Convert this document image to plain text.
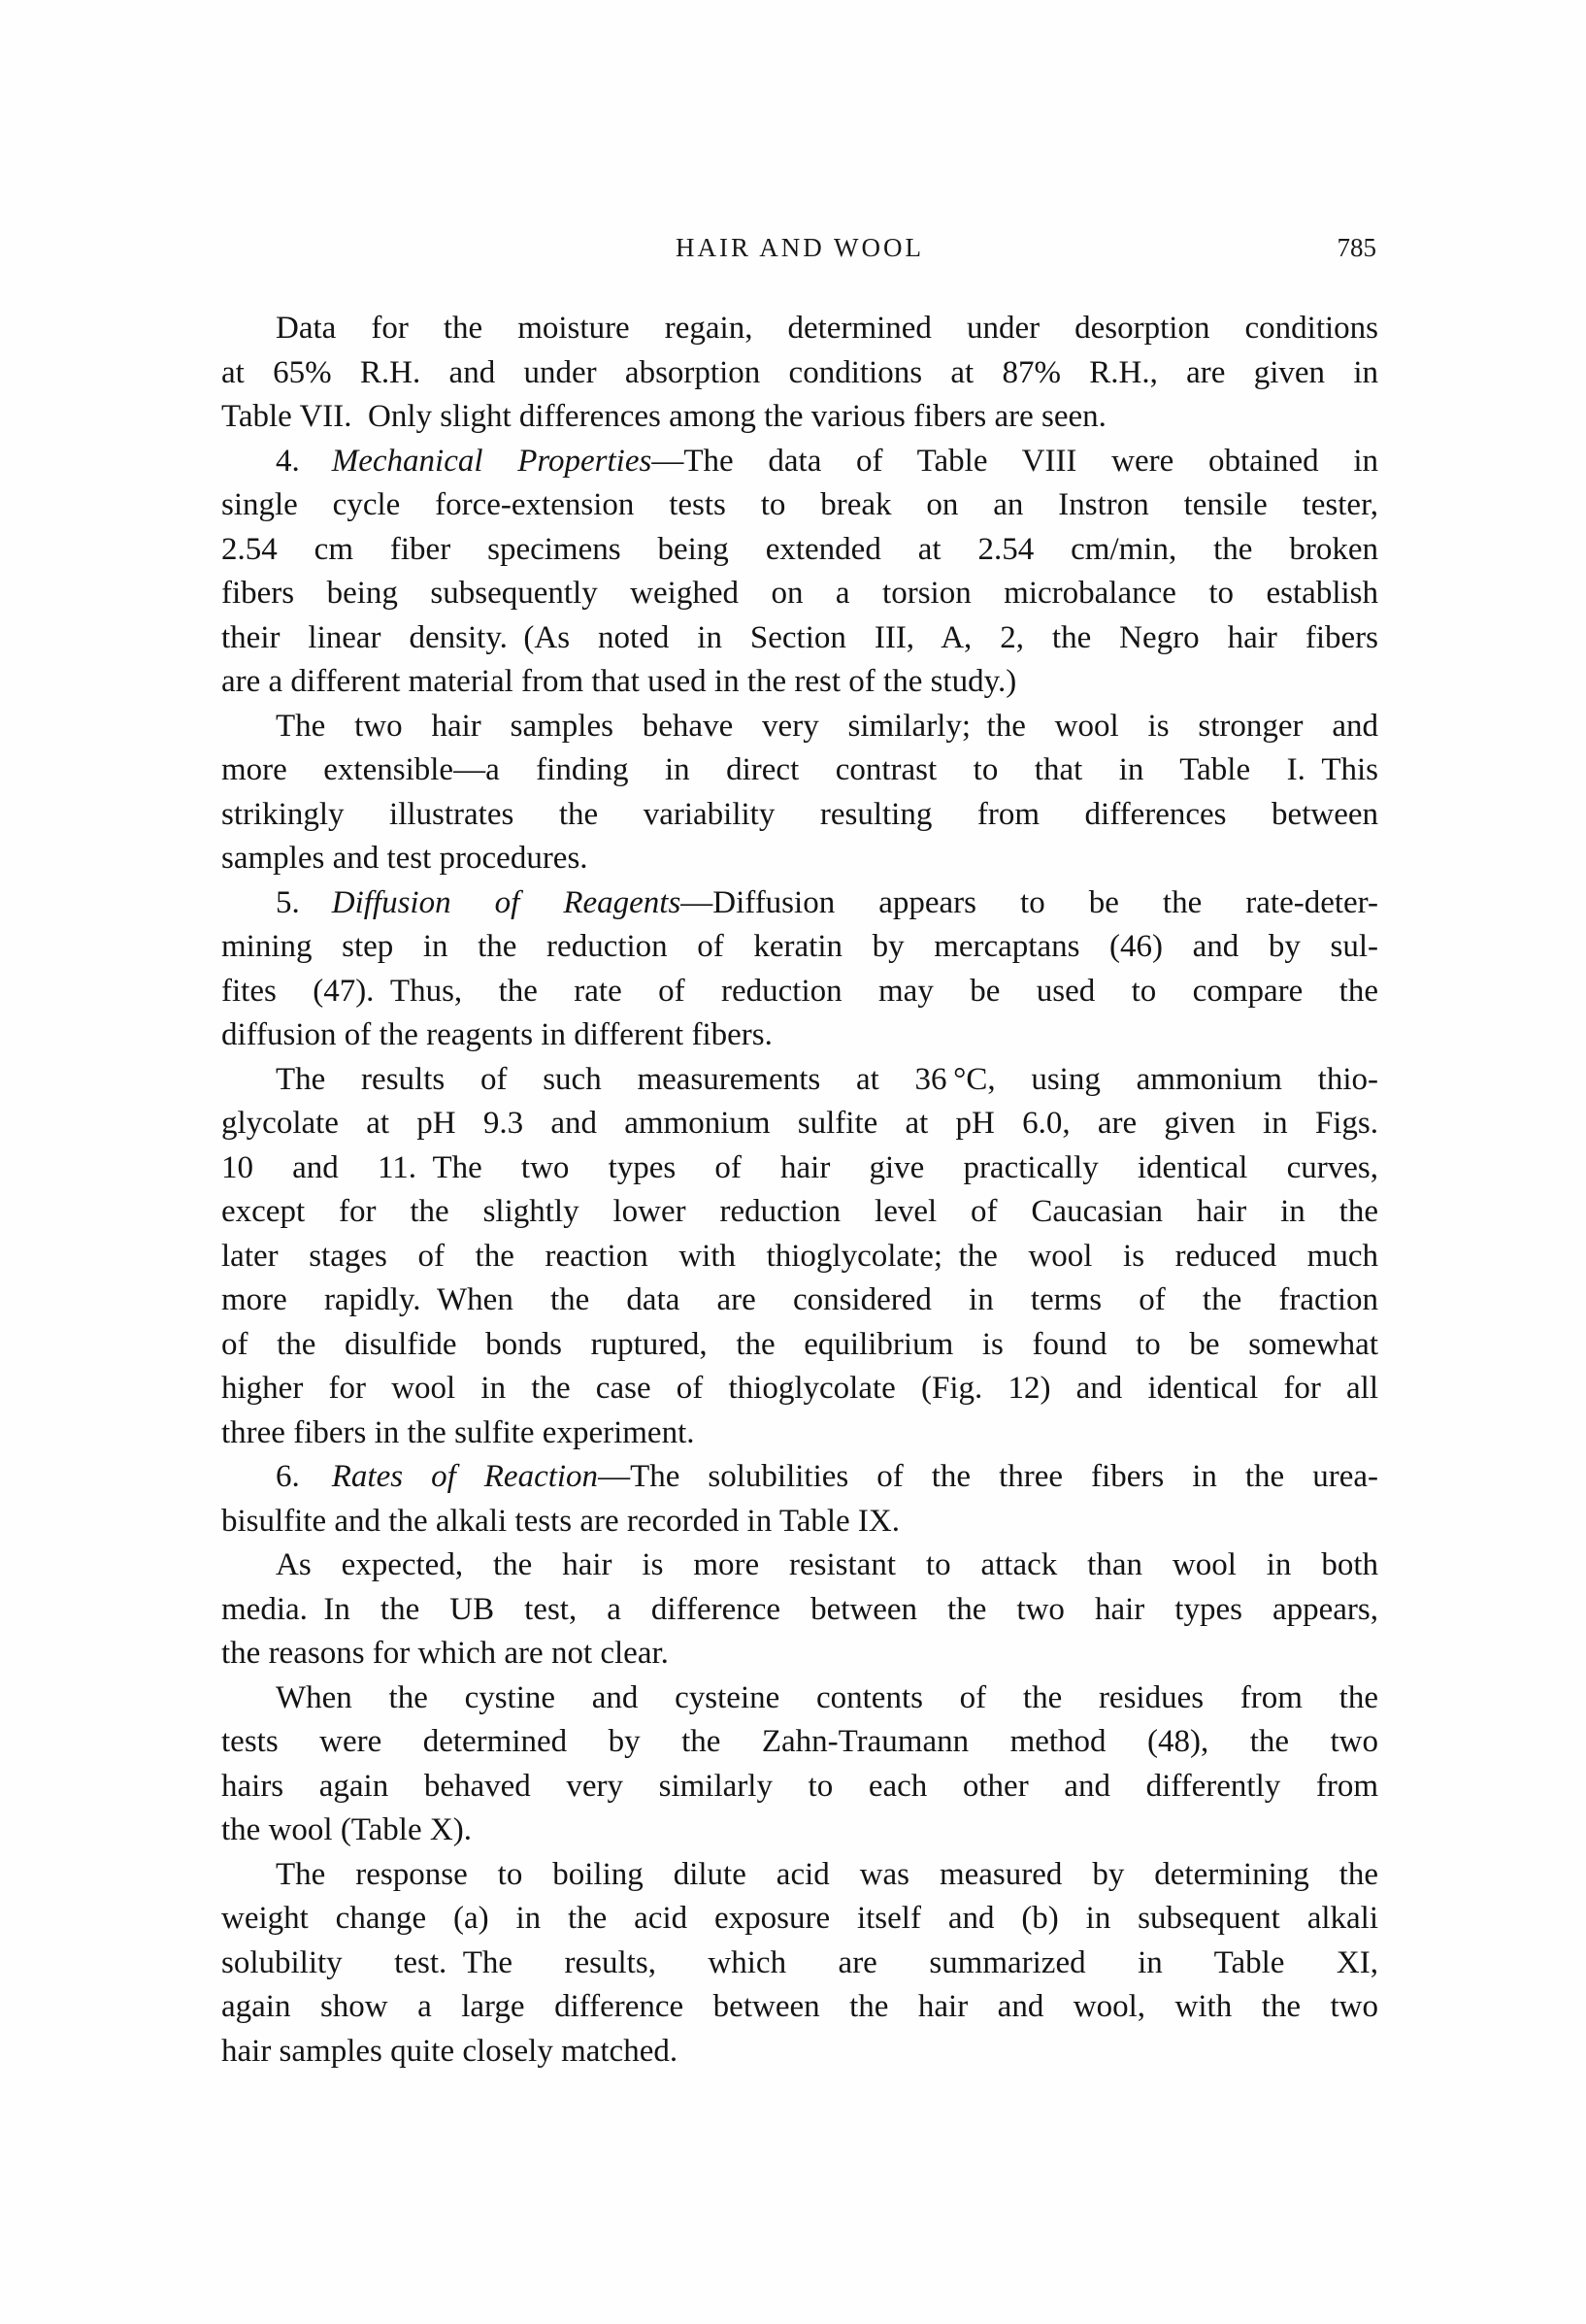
HAIR AND WOOL	785
Data for the moisture regain, determined under desorption conditions
at 65% R.H. and under absorption conditions at 87% R.H., are given in
Table VII. Only slight differences among the various fibers are seen.
4.  Mechanical Properties—The data of Table VIII were obtained in
single cycle force-extension tests to break on an Instron tensile tester,
2.54 cm fiber specimens being extended at 2.54 cm/min, the broken
fibers being subsequently weighed on a torsion microbalance to establish
their linear density. (As noted in Section III, A, 2, the Negro hair fibers
are a different material from that used in the rest of the study.)
The two hair samples behave very similarly; the wool is stronger and
more extensible—a finding in direct contrast to that in Table I. This
strikingly illustrates the variability resulting from differences between
samples and test procedures.
5.  Diffusion of Reagents—Diffusion appears to be the rate-deter-
mining step in the reduction of keratin by mercaptans (46) and by sul-
fites (47). Thus, the rate of reduction may be used to compare the
diffusion of the reagents in different fibers.
The results of such measurements at 36 °C, using ammonium thio-
glycolate at pH 9.3 and ammonium sulfite at pH 6.0, are given in Figs.
10 and 11. The two types of hair give practically identical curves,
except for the slightly lower reduction level of Caucasian hair in the
later stages of the reaction with thioglycolate; the wool is reduced much
more rapidly. When the data are considered in terms of the fraction
of the disulfide bonds ruptured, the equilibrium is found to be somewhat
higher for wool in the case of thioglycolate (Fig. 12) and identical for all
three fibers in the sulfite experiment.
6.  Rates of Reaction—The solubilities of the three fibers in the urea-
bisulfite and the alkali tests are recorded in Table IX.
As expected, the hair is more resistant to attack than wool in both
media. In the UB test, a difference between the two hair types appears,
the reasons for which are not clear.
When the cystine and cysteine contents of the residues from the
tests were determined by the Zahn-Traumann method (48), the two
hairs again behaved very similarly to each other and differently from
the wool (Table X).
The response to boiling dilute acid was measured by determining the
weight change (a) in the acid exposure itself and (b) in subsequent alkali
solubility test. The results, which are summarized in Table XI,
again show a large difference between the hair and wool, with the two
hair samples quite closely matched.
